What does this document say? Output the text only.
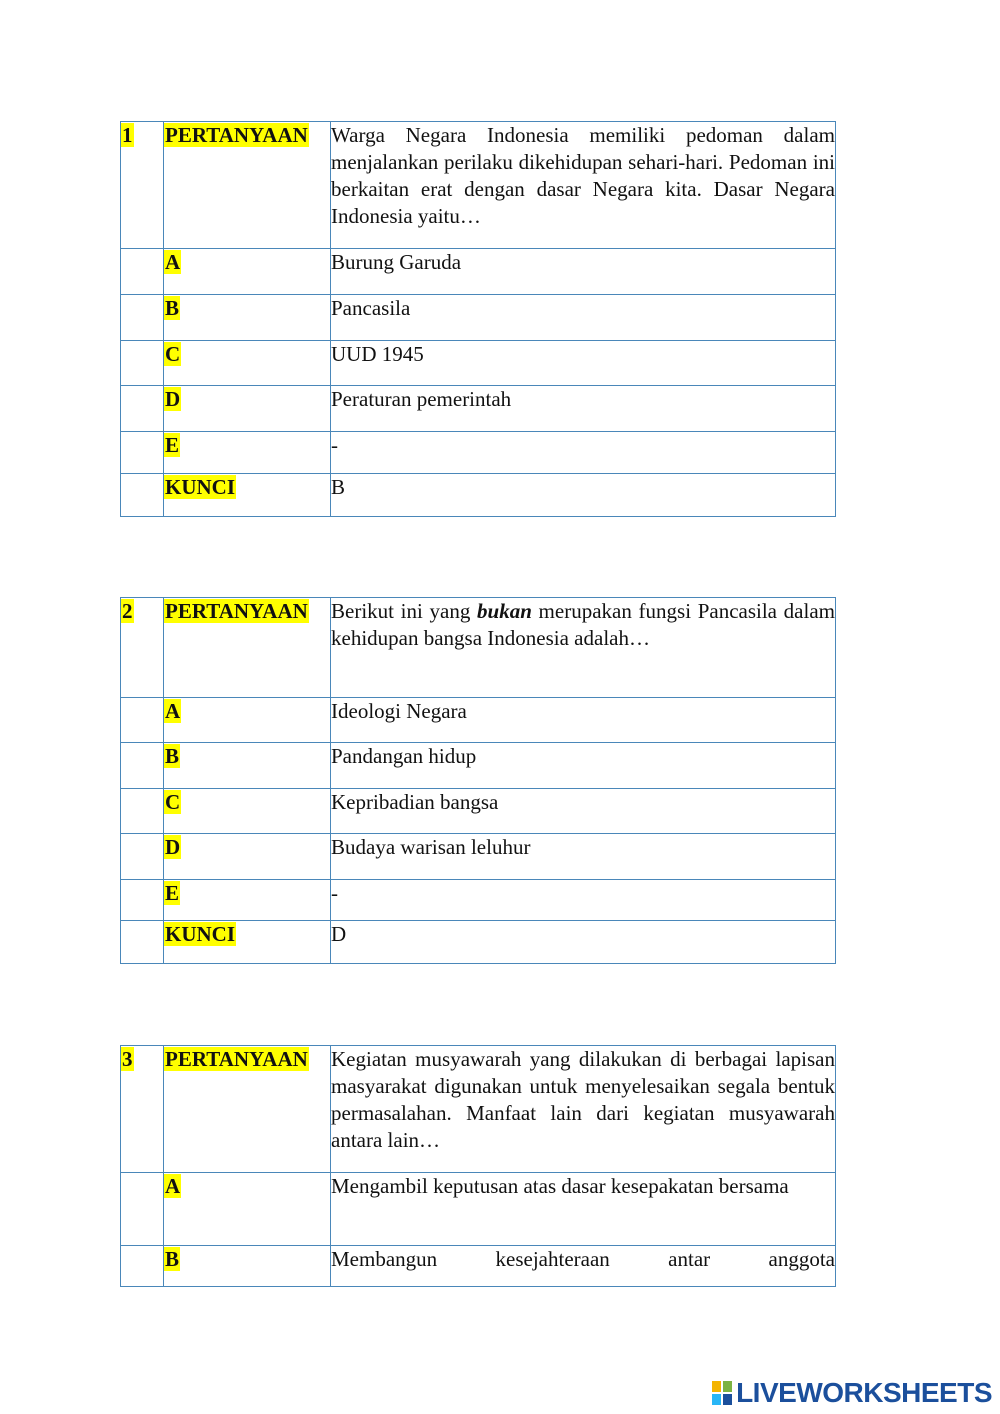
1	PERTANYAAN	Warga Negara Indonesia memiliki pedoman dalam menjalankan perilaku dikehidupan sehari-hari. Pedoman ini berkaitan erat dengan dasar Negara kita. Dasar Negara Indonesia yaitu…
	A	Burung Garuda
	B	Pancasila
	C	UUD 1945
	D	Peraturan pemerintah
	E	-
	KUNCI	B
2	PERTANYAAN	Berikut ini yang bukan merupakan fungsi Pancasila dalam kehidupan bangsa Indonesia adalah…
	A	Ideologi Negara
	B	Pandangan hidup
	C	Kepribadian bangsa
	D	Budaya warisan leluhur
	E	-
	KUNCI	D
3	PERTANYAAN	Kegiatan musyawarah yang dilakukan di berbagai lapisan masyarakat digunakan untuk menyelesaikan segala bentuk permasalahan. Manfaat lain dari kegiatan musyawarah antara lain…
	A	Mengambil keputusan atas dasar kesepakatan bersama
	B	Membangun kesejahteraan antar anggota
LIVEWORKSHEETS
